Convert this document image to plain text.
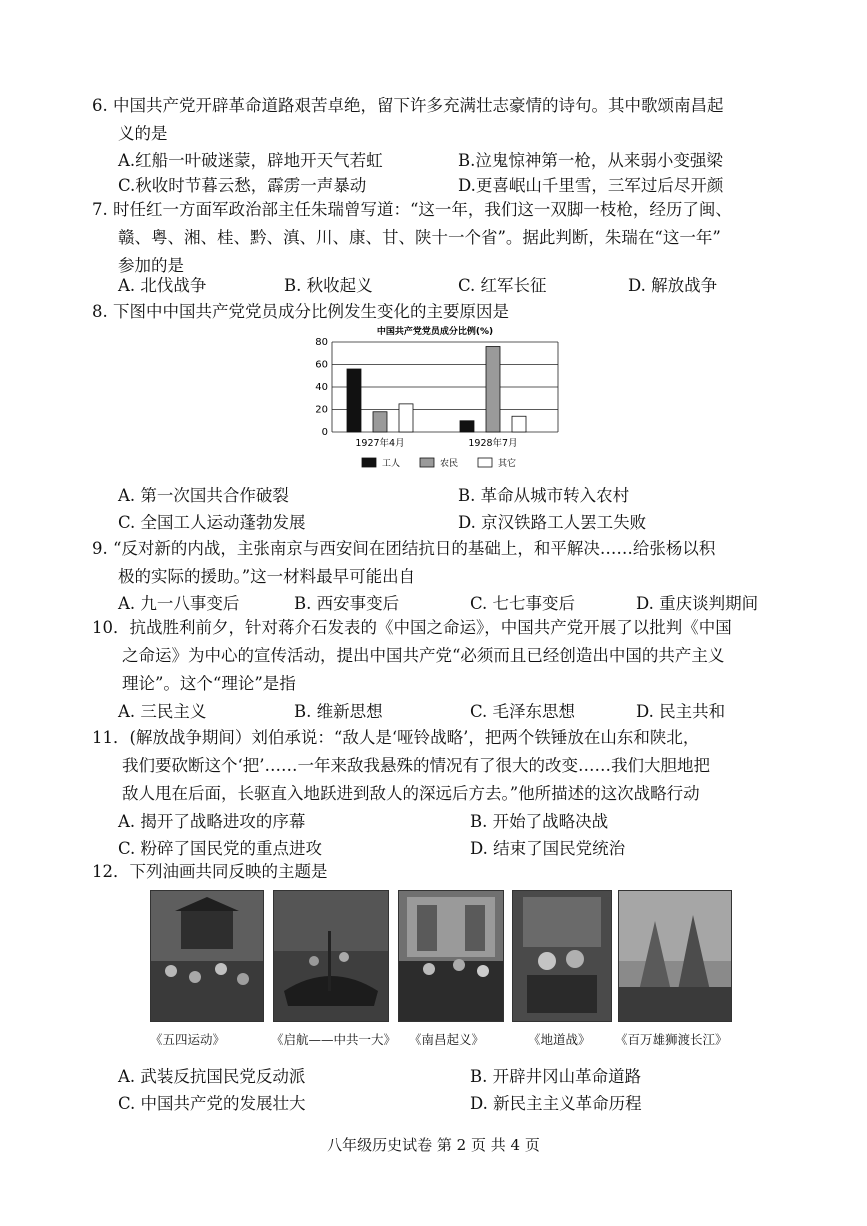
6. 中国共产党开辟革命道路艰苦卓绝，留下许多充满壮志豪情的诗句。其中歌颂南昌起
义的是
A.红船一叶破迷蒙，辟地开天气若虹	B.泣鬼惊神第一枪，从来弱小变强梁
C.秋收时节暮云愁，霹雳一声暴动	D.更喜岷山千里雪，三军过后尽开颜
7. 时任红一方面军政治部主任朱瑞曾写道：“这一年，我们这一双脚一枝枪，经历了闽、
赣、粤、湘、桂、黔、滇、川、康、甘、陕十一个省”。据此判断，朱瑞在“这一年”
参加的是
A. 北伐战争	B. 秋收起义	C. 红军长征	D. 解放战争
8. 下图中中国共产党党员成分比例发生变化的主要原因是
中国共产党党员成分比例(%)
0
20
40
60
80
1927年4月	1928年7月
工人	农民	其它
A. 第一次国共合作破裂	B. 革命从城市转入农村
C. 全国工人运动蓬勃发展	D. 京汉铁路工人罢工失败
9. “反对新的内战，主张南京与西安间在团结抗日的基础上，和平解决……给张杨以积
极的实际的援助。”这一材料最早可能出自
A. 九一八事变后	B. 西安事变后	C. 七七事变后	D. 重庆谈判期间
10．抗战胜利前夕，针对蒋介石发表的《中国之命运》，中国共产党开展了以批判《中国
之命运》为中心的宣传活动，提出中国共产党“必须而且已经创造出中国的共产主义
理论”。这个“理论”是指
A. 三民主义	B. 维新思想	C. 毛泽东思想	D. 民主共和
11．(解放战争期间）刘伯承说：“敌人是‘哑铃战略’，把两个铁锤放在山东和陕北，
我们要砍断这个‘把’……一年来敌我悬殊的情况有了很大的改变……我们大胆地把
敌人甩在后面，长驱直入地跃进到敌人的深远后方去。”他所描述的这次战略行动
A. 揭开了战略进攻的序幕	B. 开始了战略决战
C. 粉碎了国民党的重点进攻	D. 结束了国民党统治
12．下列油画共同反映的主题是
《五四运动》	《启航——中共一大》 《南昌起义》	《地道战》 《百万雄狮渡长江》
A. 武装反抗国民党反动派	B. 开辟井冈山革命道路
C. 中国共产党的发展壮大	D. 新民主主义革命历程
八年级历史试卷 第 2 页 共 4 页
